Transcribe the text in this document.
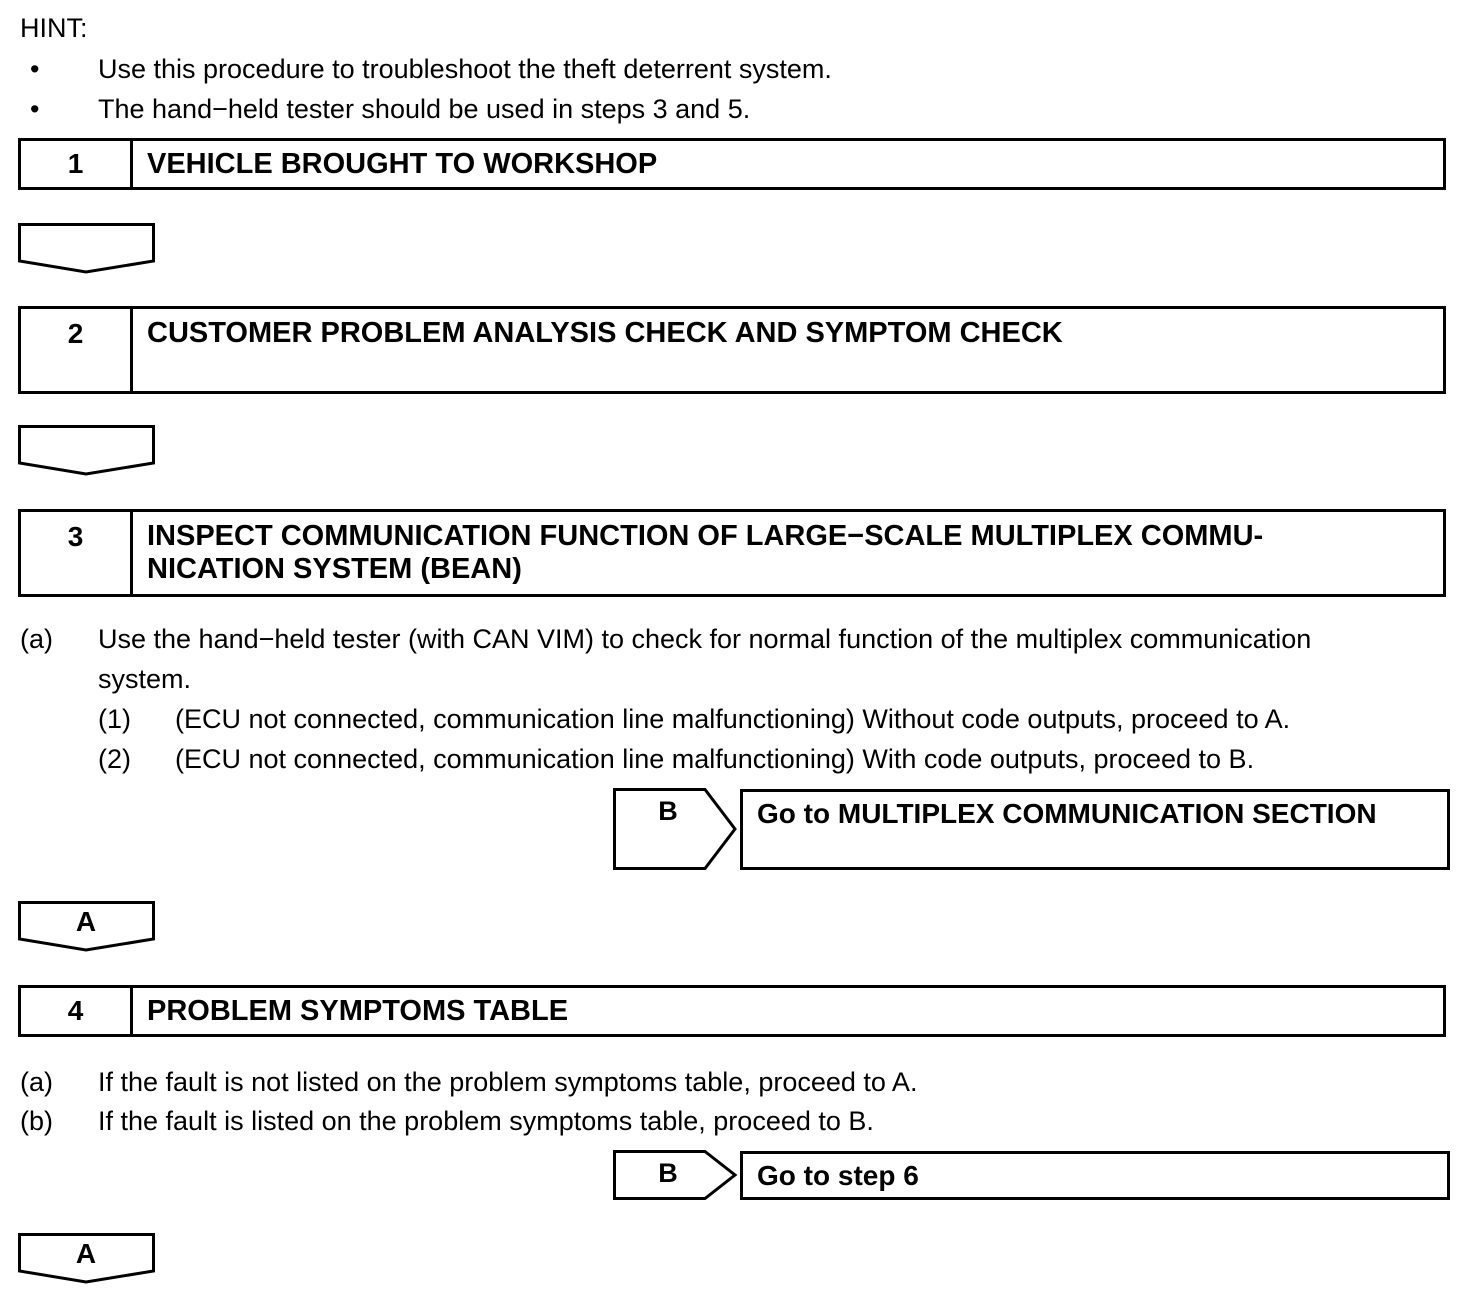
HINT:
• Use this procedure to troubleshoot the theft deterrent system.
• The hand−held tester should be used in steps 3 and 5.
1	VEHICLE BROUGHT TO WORKSHOP
2	CUSTOMER PROBLEM ANALYSIS CHECK AND SYMPTOM CHECK
3	INSPECT COMMUNICATION FUNCTION OF LARGE−SCALE MULTIPLEX COMMU-
NICATION SYSTEM (BEAN)
(a) Use the hand−held tester (with CAN VIM) to check for normal function of the multiplex communication
system.
(1) (ECU not connected, communication line malfunctioning) Without code outputs, proceed to A.
(2) (ECU not connected, communication line malfunctioning) With code outputs, proceed to B.
B	Go to MULTIPLEX COMMUNICATION SECTION
A
4	PROBLEM SYMPTOMS TABLE
(a) If the fault is not listed on the problem symptoms table, proceed to A.
(b) If the fault is listed on the problem symptoms table, proceed to B.
B	Go to step 6
A
